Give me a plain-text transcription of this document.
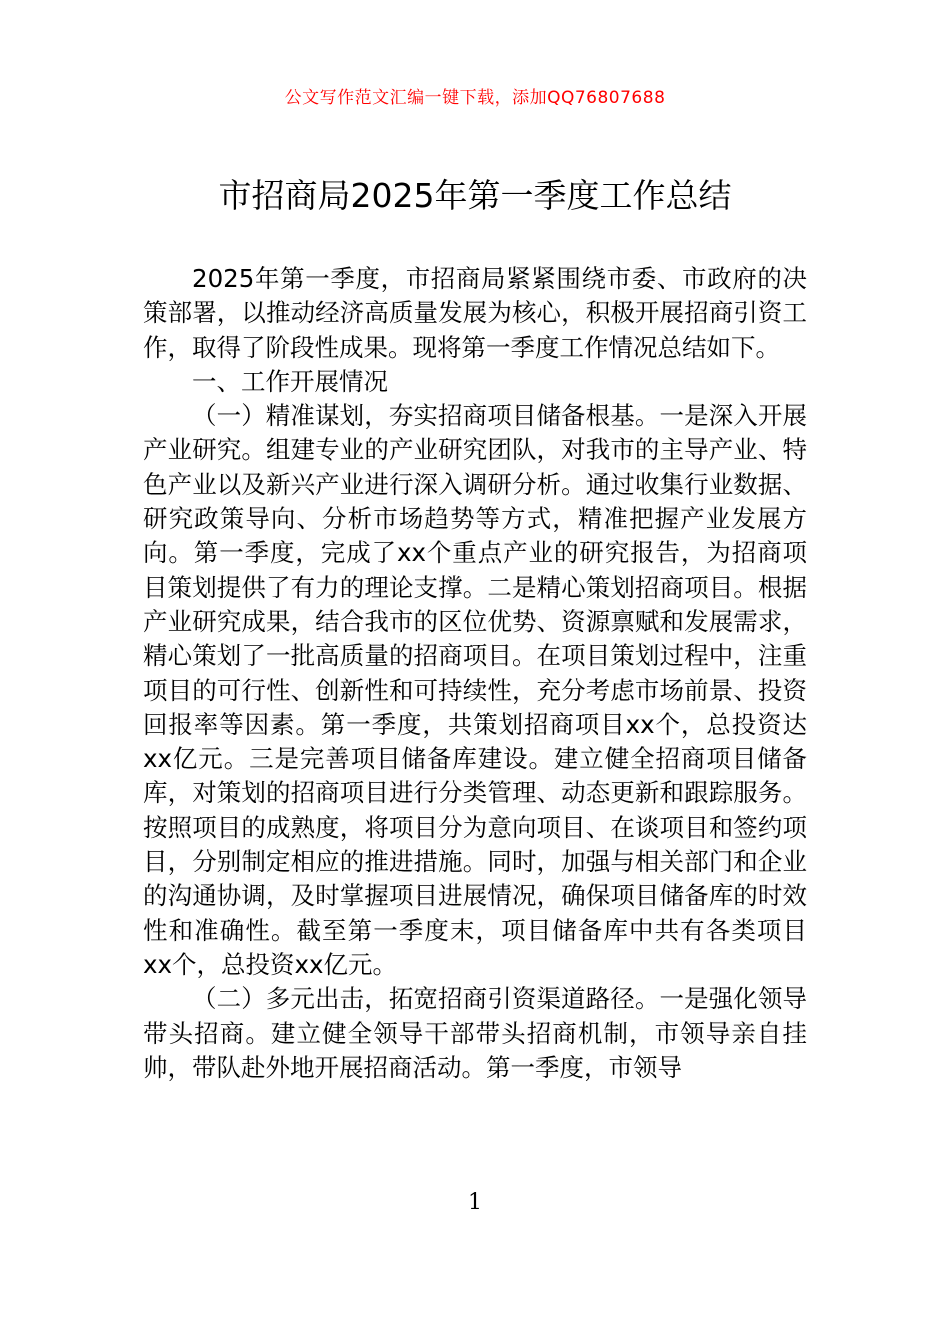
公文写作范文汇编一键下载，添加QQ76807688
市招商局2025年第一季度工作总结

2025年第一季度，市招商局紧紧围绕市委、市政府的决策部署，以推动经济高质量发展为核心，积极开展招商引资工作，取得了阶段性成果。现将第一季度工作情况总结如下。

一、工作开展情况

（一）精准谋划，夯实招商项目储备根基。一是深入开展产业研究。组建专业的产业研究团队，对我市的主导产业、特色产业以及新兴产业进行深入调研分析。通过收集行业数据、研究政策导向、分析市场趋势等方式，精准把握产业发展方向。第一季度，完成了xx个重点产业的研究报告，为招商项目策划提供了有力的理论支撑。二是精心策划招商项目。根据产业研究成果，结合我市的区位优势、资源禀赋和发展需求，精心策划了一批高质量的招商项目。在项目策划过程中，注重项目的可行性、创新性和可持续性，充分考虑市场前景、投资回报率等因素。第一季度，共策划招商项目xx个，总投资达xx亿元。三是完善项目储备库建设。建立健全招商项目储备库，对策划的招商项目进行分类管理、动态更新和跟踪服务。按照项目的成熟度，将项目分为意向项目、在谈项目和签约项目，分别制定相应的推进措施。同时，加强与相关部门和企业的沟通协调，及时掌握项目进展情况，确保项目储备库的时效性和准确性。截至第一季度末，项目储备库中共有各类项目xx个，总投资xx亿元。

（二）多元出击，拓宽招商引资渠道路径。一是强化领导带头招商。建立健全领导干部带头招商机制，市领导亲自挂帅，带队赴外地开展招商活动。第一季度，市领导

1
